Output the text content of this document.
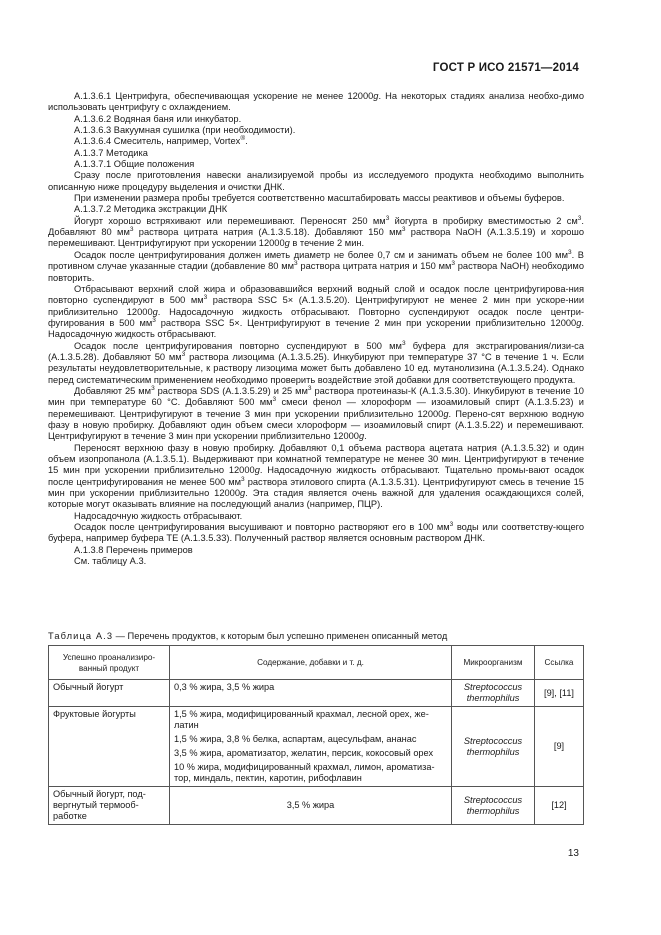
ГОСТ Р ИСО 21571—2014

A.1.3.6.1 Центрифуга, обеспечивающая ускорение не менее 12000g. На некоторых стадиях анализа необхо-димо использовать центрифугу с охлаждением.

A.1.3.6.2 Водяная баня или инкубатор.

A.1.3.6.3 Вакуумная сушилка (при необходимости).

A.1.3.6.4 Смеситель, например, Vortex®.

A.1.3.7 Методика

A.1.3.7.1 Общие положения

Сразу после приготовления навески анализируемой пробы из исследуемого продукта необходимо выполнить описанную ниже процедуру выделения и очистки ДНК.

При изменении размера пробы требуется соответственно масштабировать массы реактивов и объемы буферов.

A.1.3.7.2 Методика экстракции ДНК

Йогурт хорошо встряхивают или перемешивают. Переносят 250 $мм^3$ йогурта в пробирку вместимостью 2 $см^3$. Добавляют 80 $мм^3$ раствора цитрата натрия (A.1.3.5.18). Добавляют 150 $мм^3$ раствора NaOH (A.1.3.5.19) и хорошо перемешивают. Центрифугируют при ускорении 12000g в течение 2 мин.

Осадок после центрифугирования должен иметь диаметр не более 0,7 см и занимать объем не более 100 $мм^3$. В противном случае указанные стадии (добавление 80 $мм^3$ раствора цитрата натрия и 150 $мм^3$ раствора NaOH) необходимо повторить.

Отбрасывают верхний слой жира и образовавшийся верхний водный слой и осадок после центрифугирова-ния повторно суспендируют в 500 $мм^3$ раствора SSC 5× (A.1.3.5.20). Центрифугируют не менее 2 мин при ускоре-нии приблизительно 12000g. Надосадочную жидкость отбрасывают. Повторно суспендируют осадок после центри-фугирования в 500 $мм^3$ раствора SSC 5×. Центрифугируют в течение 2 мин при ускорении приблизительно 12000g. Надосадочную жидкость отбрасывают.

Осадок после центрифугирования повторно суспендируют в 500 $мм^3$ буфера для экстрагирования/лизи-са (A.1.3.5.28). Добавляют 50 $мм^3$ раствора лизоцима (A.1.3.5.25). Инкубируют при температуре 37 °С в течение 1 ч. Если результаты неудовлетворительные, к раствору лизоцима может быть добавлено 10 ед. мутанолизина (A.1.3.5.24). Однако перед систематическим применением необходимо проверить воздействие этой добавки для соответствующего продукта.

Добавляют 25 $мм^3$ раствора SDS (A.1.3.5.29) и 25 $мм^3$ раствора протеиназы-К (A.1.3.5.30). Инкубируют в течение 10 мин при температуре 60 °С. Добавляют 500 $мм^3$ смеси фенол — хлороформ — изоамиловый спирт (A.1.3.5.23) и перемешивают. Центрифугируют в течение 3 мин при ускорении приблизительно 12000g. Перено-сят верхнюю водную фазу в новую пробирку. Добавляют один объем смеси хлороформ — изоамиловый спирт (A.1.3.5.22) и перемешивают. Центрифугируют в течение 3 мин при ускорении приблизительно 12000g.

Переносят верхнюю фазу в новую пробирку. Добавляют 0,1 объема раствора ацетата натрия (A.1.3.5.32) и один объем изопропанола (A.1.3.5.1). Выдерживают при комнатной температуре не менее 30 мин. Центрифугируют в течение 15 мин при ускорении приблизительно 12000g. Надосадочную жидкость отбрасывают. Тщательно промы-вают осадок после центрифугирования не менее 500 $мм^3$ раствора этилового спирта (A.1.3.5.31). Центрифугируют смесь в течение 15 мин при ускорении приблизительно 12000g. Эта стадия является очень важной для удаления осаждающихся солей, которые могут оказывать влияние на последующий анализ (например, ПЦР).

Надосадочную жидкость отбрасывают.

Осадок после центрифугирования высушивают и повторно растворяют его в 100 $мм^3$ воды или соответству-ющего буфера, например буфера TE (A.1.3.5.33). Полученный раствор является основным раствором ДНК.

A.1.3.8 Перечень примеров

См. таблицу A.3.

Таблица A.3 — Перечень продуктов, к которым был успешно применен описанный метод
Успешно проанализиро-ванный продукт	Содержание, добавки и т. д.	Микроорганизм	Ссылка
Обычный йогурт	0,3 % жира, 3,5 % жира	Streptococcus thermophilus	[9], [11]
Фруктовые йогурты	1,5 % жира, модифицированный крахмал, лесной орех, же-латин
1,5 % жира, 3,8 % белка, аспартам, ацесульфам, ананас
3,5 % жира, ароматизатор, желатин, персик, кокосовый орех
10 % жира, модифицированный крахмал, лимон, ароматиза-тор, миндаль, пектин, каротин, рибофлавин	Streptococcus thermophilus	[9]
Обычный йогурт, под-вергнутый термооб-работке	3,5 % жира	Streptococcus thermophilus	[12]
13
